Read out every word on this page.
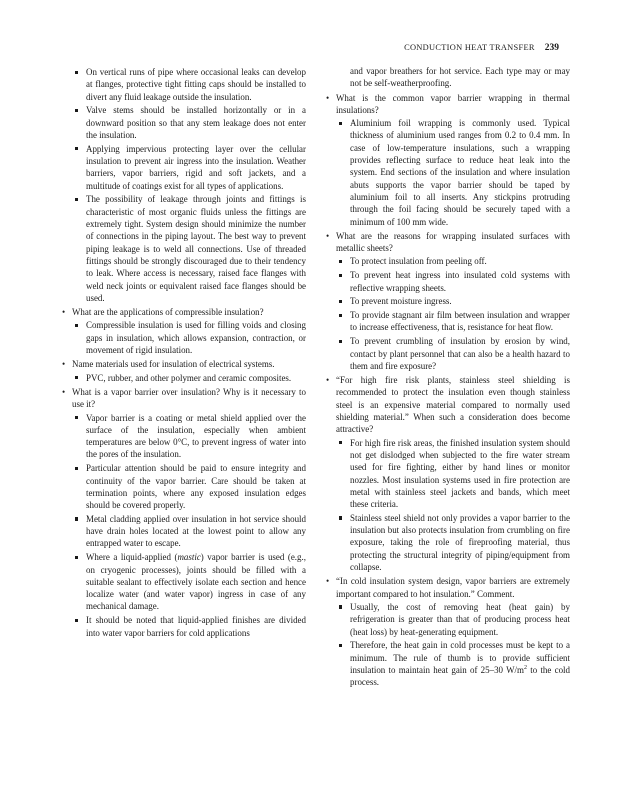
CONDUCTION HEAT TRANSFER 239
On vertical runs of pipe where occasional leaks can develop at flanges, protective tight fitting caps should be installed to divert any fluid leakage outside the insulation.
Valve stems should be installed horizontally or in a downward position so that any stem leakage does not enter the insulation.
Applying impervious protecting layer over the cellular insulation to prevent air ingress into the insulation. Weather barriers, vapor barriers, rigid and soft jackets, and a multitude of coatings exist for all types of applications.
The possibility of leakage through joints and fittings is characteristic of most organic fluids unless the fittings are extremely tight. System design should minimize the number of connections in the piping layout. The best way to prevent piping leakage is to weld all connections. Use of threaded fittings should be strongly discouraged due to their tendency to leak. Where access is necessary, raised face flanges with weld neck joints or equivalent raised face flanges should be used.
• What are the applications of compressible insulation?
Compressible insulation is used for filling voids and closing gaps in insulation, which allows expansion, contraction, or movement of rigid insulation.
• Name materials used for insulation of electrical systems.
PVC, rubber, and other polymer and ceramic composites.
• What is a vapor barrier over insulation? Why is it necessary to use it?
Vapor barrier is a coating or metal shield applied over the surface of the insulation, especially when ambient temperatures are below 0°C, to prevent ingress of water into the pores of the insulation.
Particular attention should be paid to ensure integrity and continuity of the vapor barrier. Care should be taken at termination points, where any exposed insulation edges should be covered properly.
Metal cladding applied over insulation in hot service should have drain holes located at the lowest point to allow any entrapped water to escape.
Where a liquid-applied (mastic) vapor barrier is used (e.g., on cryogenic processes), joints should be filled with a suitable sealant to effectively isolate each section and hence localize water (and water vapor) ingress in case of any mechanical damage.
It should be noted that liquid-applied finishes are divided into water vapor barriers for cold applications
and vapor breathers for hot service. Each type may or may not be self-weatherproofing.
• What is the common vapor barrier wrapping in thermal insulations?
Aluminium foil wrapping is commonly used. Typical thickness of aluminium used ranges from 0.2 to 0.4 mm. In case of low-temperature insulations, such a wrapping provides reflecting surface to reduce heat leak into the system. End sections of the insulation and where insulation abuts supports the vapor barrier should be taped by aluminium foil to all inserts. Any stickpins protruding through the foil facing should be securely taped with a minimum of 100 mm wide.
• What are the reasons for wrapping insulated surfaces with metallic sheets?
To protect insulation from peeling off.
To prevent heat ingress into insulated cold systems with reflective wrapping sheets.
To prevent moisture ingress.
To provide stagnant air film between insulation and wrapper to increase effectiveness, that is, resistance for heat flow.
To prevent crumbling of insulation by erosion by wind, contact by plant personnel that can also be a health hazard to them and fire exposure?
• “For high fire risk plants, stainless steel shielding is recommended to protect the insulation even though stainless steel is an expensive material compared to normally used shielding material.” When such a consideration does become attractive?
For high fire risk areas, the finished insulation system should not get dislodged when subjected to the fire water stream used for fire fighting, either by hand lines or monitor nozzles. Most insulation systems used in fire protection are metal with stainless steel jackets and bands, which meet these criteria.
Stainless steel shield not only provides a vapor barrier to the insulation but also protects insulation from crumbling on fire exposure, taking the role of fireproofing material, thus protecting the structural integrity of piping/equipment from collapse.
• “In cold insulation system design, vapor barriers are extremely important compared to hot insulation.” Comment.
Usually, the cost of removing heat (heat gain) by refrigeration is greater than that of producing process heat (heat loss) by heat-generating equipment.
Therefore, the heat gain in cold processes must be kept to a minimum. The rule of thumb is to provide sufficient insulation to maintain heat gain of 25–30 $W/m^2$ to the cold process.
